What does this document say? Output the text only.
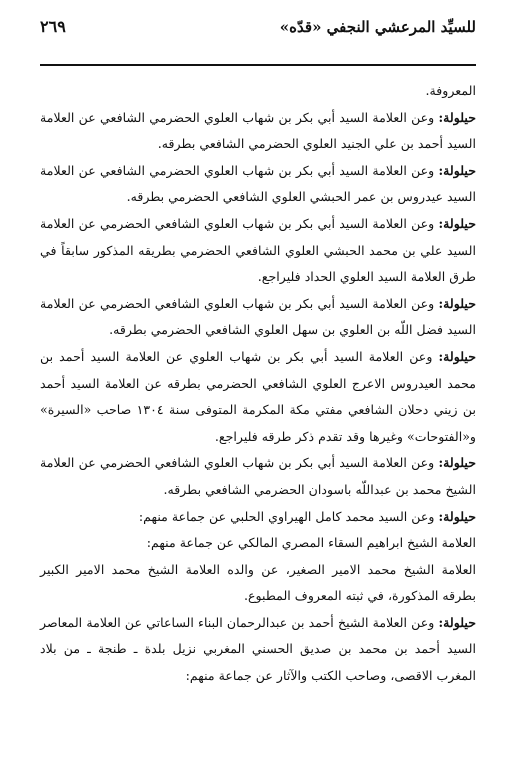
للسيِّد المرعشي النجفي «قدّه»
٢٦٩

المعروفة.

حيلولة: وعن العلامة السيد أبي بكر بن شهاب العلوي الحضرمي الشافعي عن العلامة السيد أحمد بن علي الجنيد العلوي الحضرمي الشافعي بطرقه.

حيلولة: وعن العلامة السيد أبي بكر بن شهاب العلوي الحضرمي الشافعي عن العلامة السيد عيدروس بن عمر الحبشي العلوي الشافعي الحضرمي بطرقه.

حيلولة: وعن العلامة السيد أبي بكر بن شهاب العلوي الشافعي الحضرمي عن العلامة السيد علي بن محمد الحبشي العلوي الشافعي الحضرمي بطريقه المذكور سابقاً في طرق العلامة السيد العلوي الحداد فليراجع.

حيلولة: وعن العلامة السيد أبي بكر بن شهاب العلوي الشافعي الحضرمي عن العلامة السيد فضل اللّه بن العلوي بن سهل العلوي الشافعي الحضرمي بطرقه.

حيلولة: وعن العلامة السيد أبي بكر بن شهاب العلوي عن العلامة السيد أحمد بن محمد العيدروس الاعرج العلوي الشافعي الحضرمي بطرقه عن العلامة السيد أحمد بن زيني دحلان الشافعي مفتي مكة المكرمة المتوفى سنة ١٣٠٤ صاحب «السيرة» و«الفتوحات» وغيرها وقد تقدم ذكر طرقه فليراجع.

حيلولة: وعن العلامة السيد أبي بكر بن شهاب العلوي الشافعي الحضرمي عن العلامة الشيخ محمد بن عبداللّه باسودان الحضرمي الشافعي بطرقه.

حيلولة: وعن السيد محمد كامل الهيراوي الحلبي عن جماعة منهم:

العلامة الشيخ ابراهيم السقاء المصري المالكي عن جماعة منهم:

العلامة الشيخ محمد الامير الصغير، عن والده العلامة الشيخ محمد الامير الكبير بطرقه المذكورة، في ثبته المعروف المطبوع.

حيلولة: وعن العلامة الشيخ أحمد بن عبدالرحمان البناء الساعاتي عن العلامة المعاصر السيد أحمد بن محمد بن صديق الحسني المغربي نزيل بلدة ـ طنجة ـ من بلاد المغرب الاقصى، وصاحب الكتب والآثار عن جماعة منهم:
